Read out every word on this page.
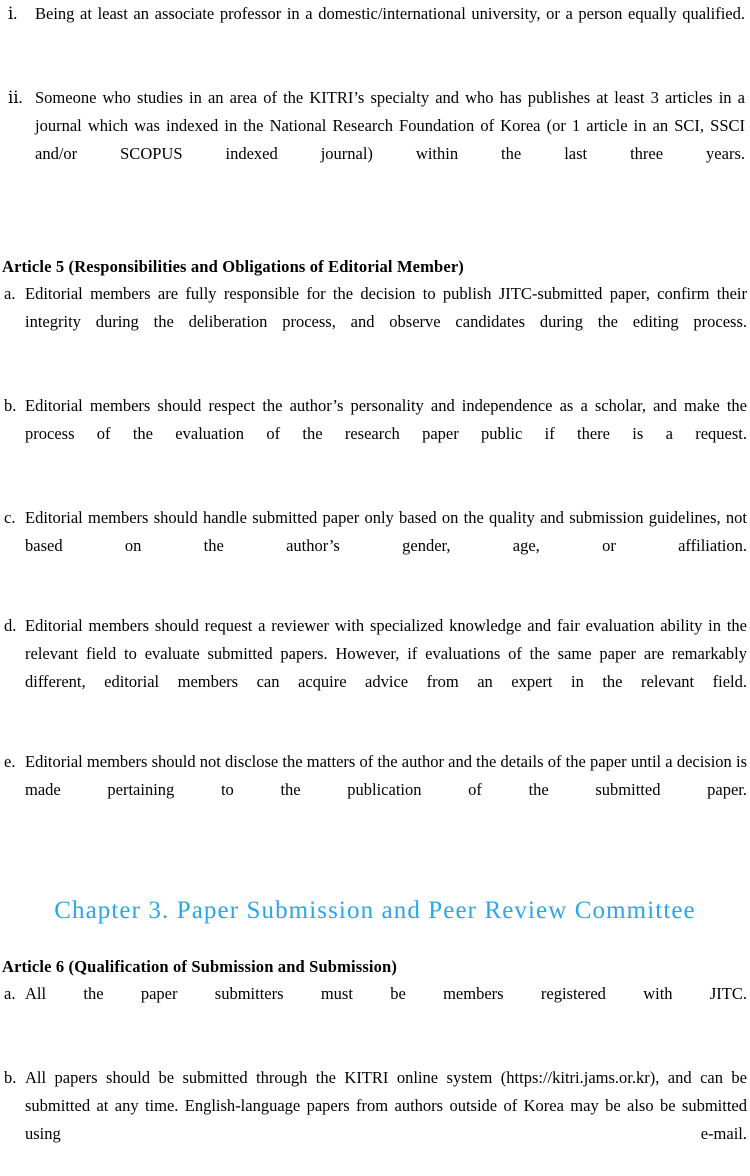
ⅰ.	Being at least an associate professor in a domestic/international university, or a person equally qualified.
ⅱ. Someone who studies in an area of the KITRI’s specialty and who has publishes at least 3 articles in a journal which was indexed in the National Research Foundation of Korea (or 1 article in an SCI, SSCI and/or SCOPUS indexed journal) within the last three years.
Article 5 (Responsibilities and Obligations of Editorial Member)
a. Editorial members are fully responsible for the decision to publish JITC-submitted paper, confirm their integrity during the deliberation process, and observe candidates during the editing process.
b. Editorial members should respect the author’s personality and independence as a scholar, and make the process of the evaluation of the research paper public if there is a request.
c. Editorial members should handle submitted paper only based on the quality and submission guidelines, not based on the author’s gender, age, or affiliation.
d. Editorial members should request a reviewer with specialized knowledge and fair evaluation ability in the relevant field to evaluate submitted papers. However, if evaluations of the same paper are remarkably different, editorial members can acquire advice from an expert in the relevant field.
e. Editorial members should not disclose the matters of the author and the details of the paper until a decision is made pertaining to the publication of the submitted paper.
Chapter 3. Paper Submission and Peer Review Committee
Article 6 (Qualification of Submission and Submission)
a. All the paper submitters must be members registered with JITC.
b. All papers should be submitted through the KITRI online system (https://kitri.jams.or.kr), and can be submitted at any time. English-language papers from authors outside of Korea may be also be submitted using e-mail.
